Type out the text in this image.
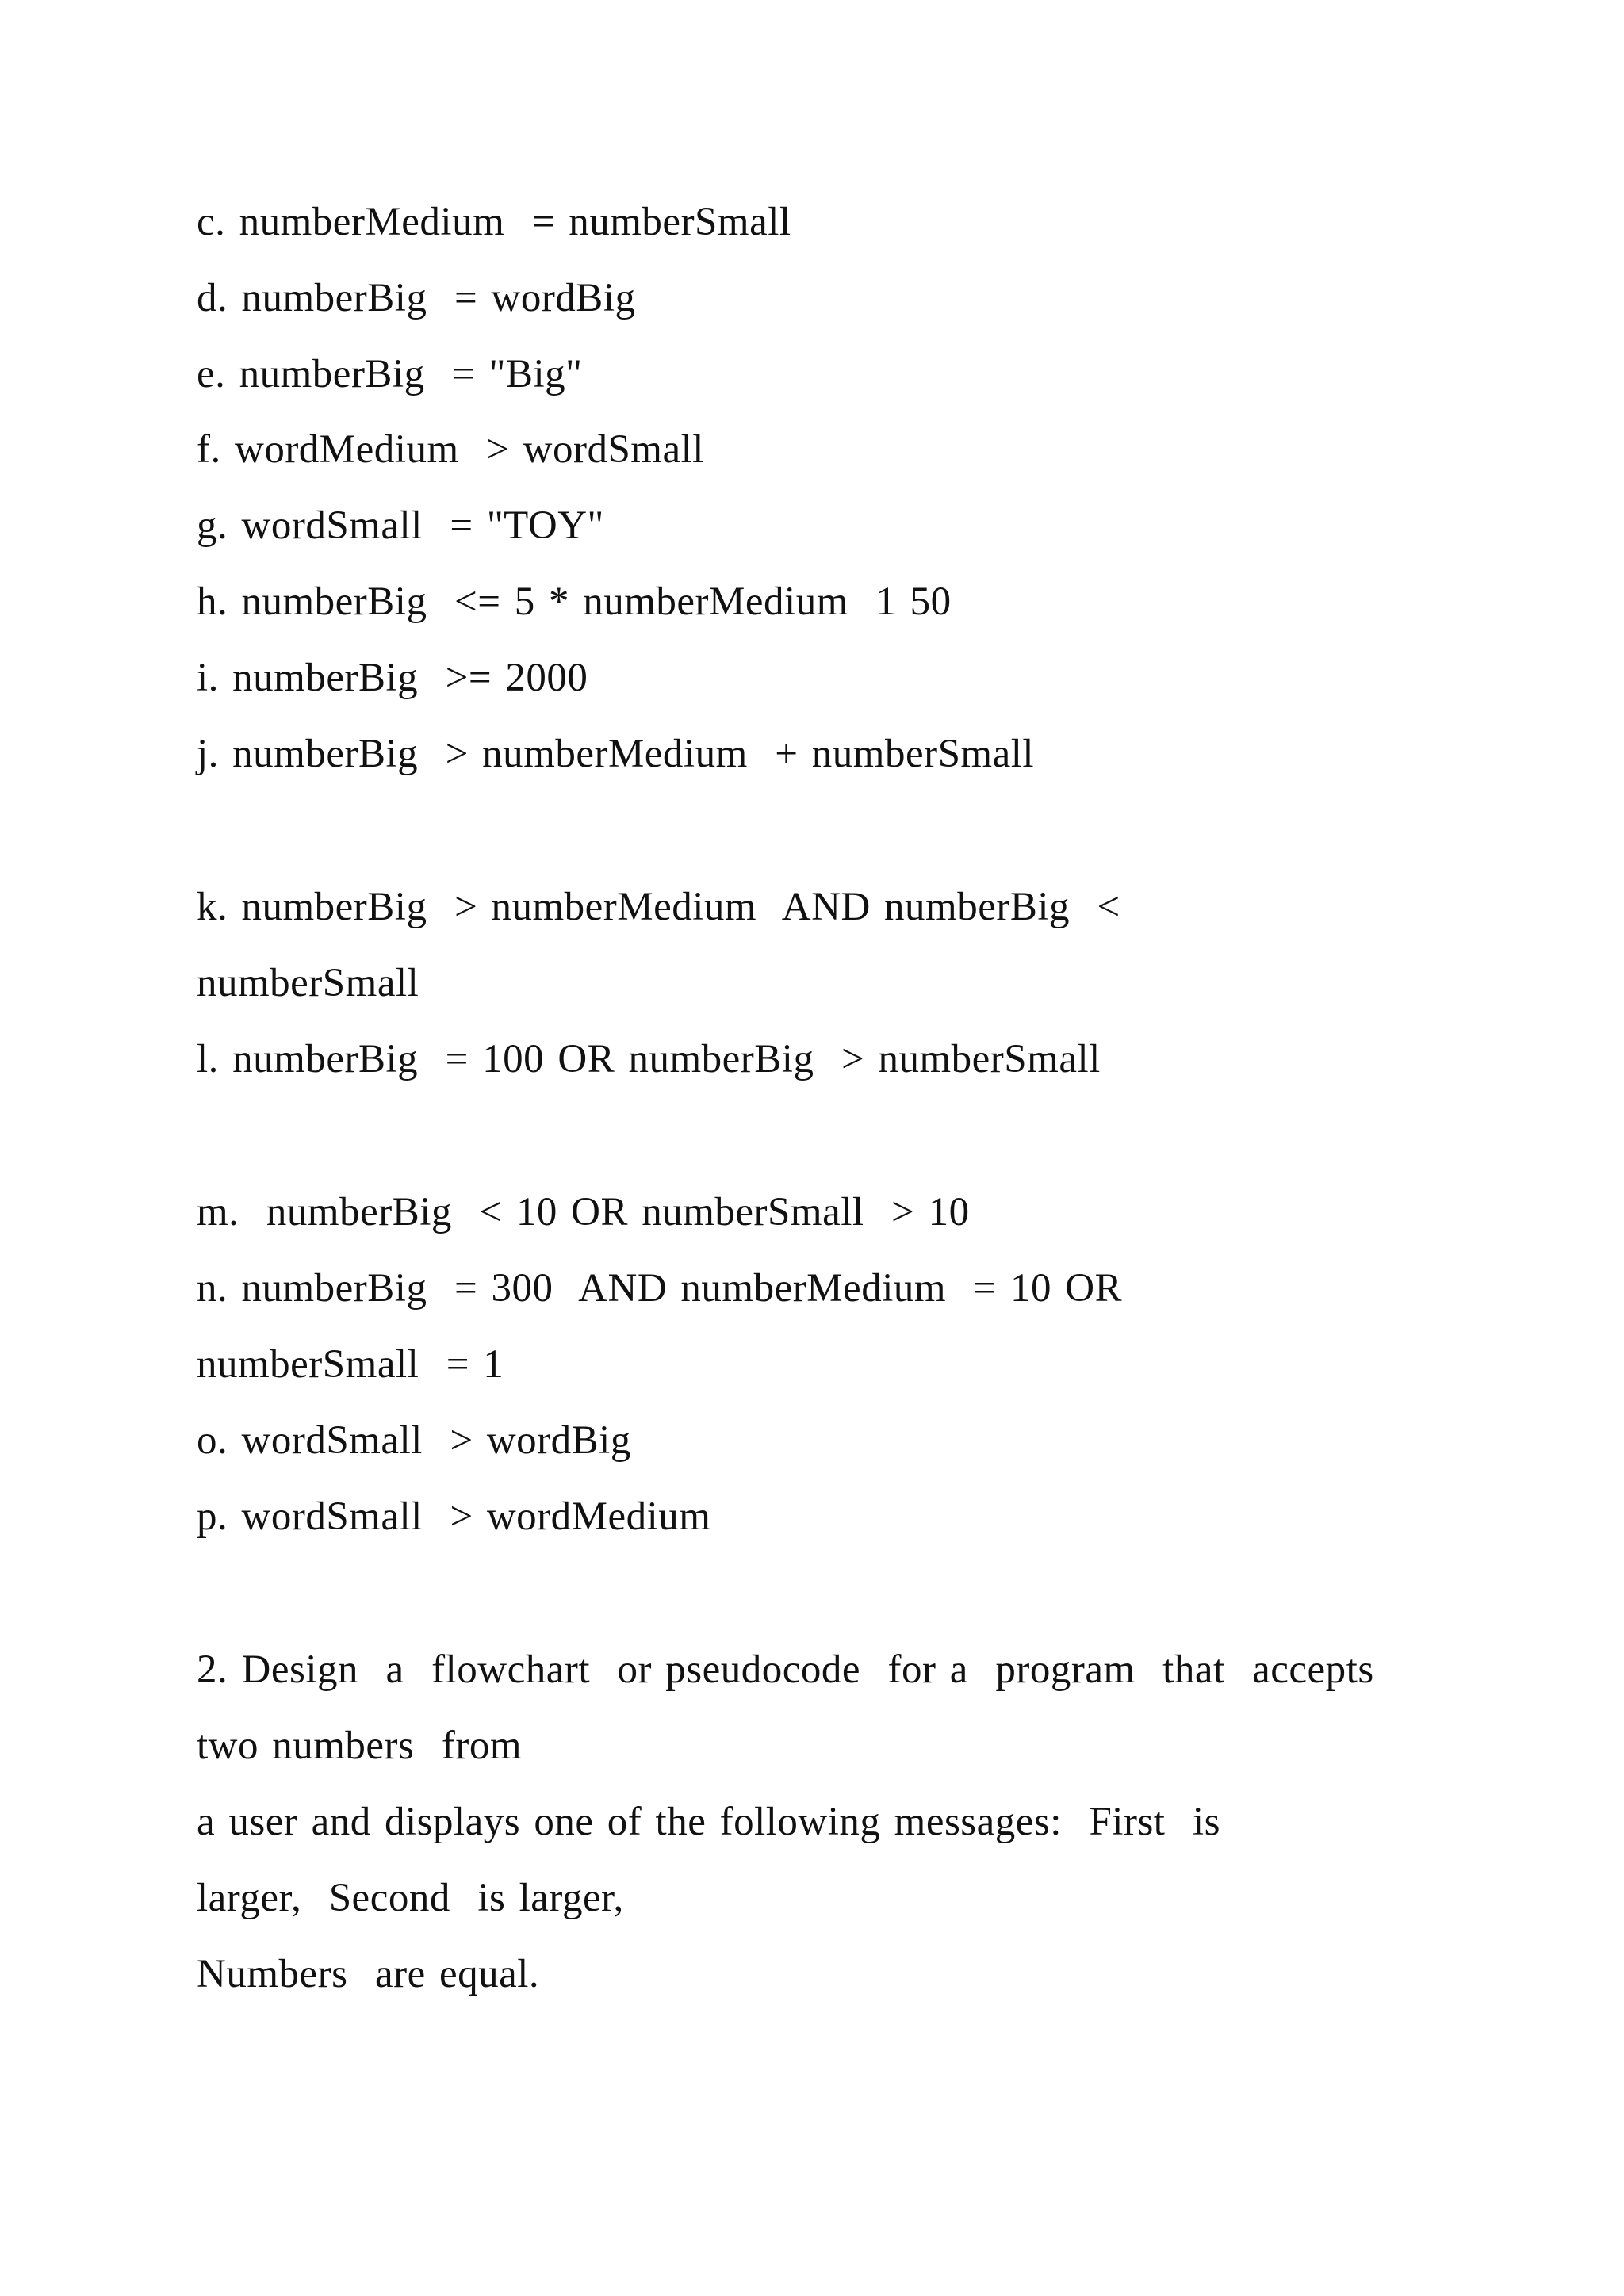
c. numberMedium  = numberSmall
d. numberBig  = wordBig
e. numberBig  = "Big"
f. wordMedium  > wordSmall
g. wordSmall  = "TOY"
h. numberBig  <= 5 * numberMedium  1 50
i. numberBig  >= 2000
j. numberBig  > numberMedium  + numberSmall
k. numberBig  > numberMedium  AND numberBig  <
numberSmall
l. numberBig  = 100 OR numberBig  > numberSmall
m.  numberBig  < 10 OR numberSmall  > 10
n. numberBig  = 300  AND numberMedium  = 10 OR
numberSmall  = 1
o. wordSmall  > wordBig
p. wordSmall  > wordMedium
2. Design  a  flowchart  or pseudocode  for a  program  that  accepts
two numbers  from
a user and displays one of the following messages:  First  is
larger,  Second  is larger,
Numbers  are equal.
